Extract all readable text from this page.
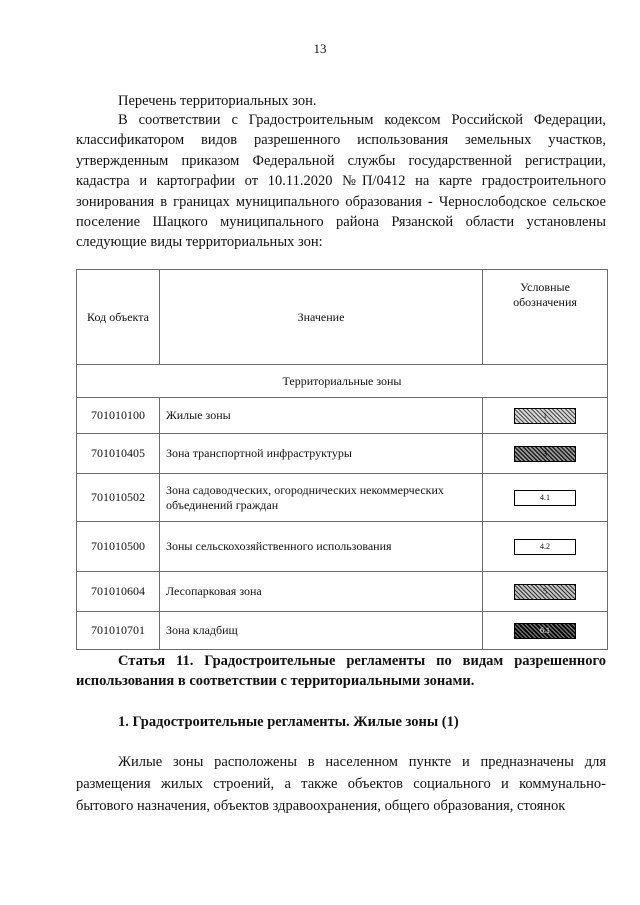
13
Перечень территориальных зон.

В соответствии с Градостроительным кодексом Российской Федерации, классификатором видов разрешенного использования земельных участков, утвержденным приказом Федеральной службы государственной регистрации, кадастра и картографии от 10.11.2020 №П/0412 на карте градостроительного зонирования в границах муниципального образования - Чернослободское сельское поселение Шацкого муниципального района Рязанской области установлены следующие виды территориальных зон:

Код объекта	Значение	Условные обозначения
Территориальные зоны		
701010100	Жилые зоны	1
701010405	Зона транспортной инфраструктуры	3
701010502	Зона садоводческих, огороднических некоммерческих объединений граждан	4.1
701010500	Зоны сельскохозяйственного использования	4.2
701010604	Лесопарковая зона	5
701010701	Зона кладбищ	6.1

Статья 11. Градостроительные регламенты по видам разрешенного использования в соответствии с территориальными зонами.

1. Градостроительные регламенты. Жилые зоны (1)

Жилые зоны расположены в населенном пункте и предназначены для размещения жилых строений, а также объектов социального и коммунально-бытового назначения, объектов здравоохранения, общего образования, стоянок
